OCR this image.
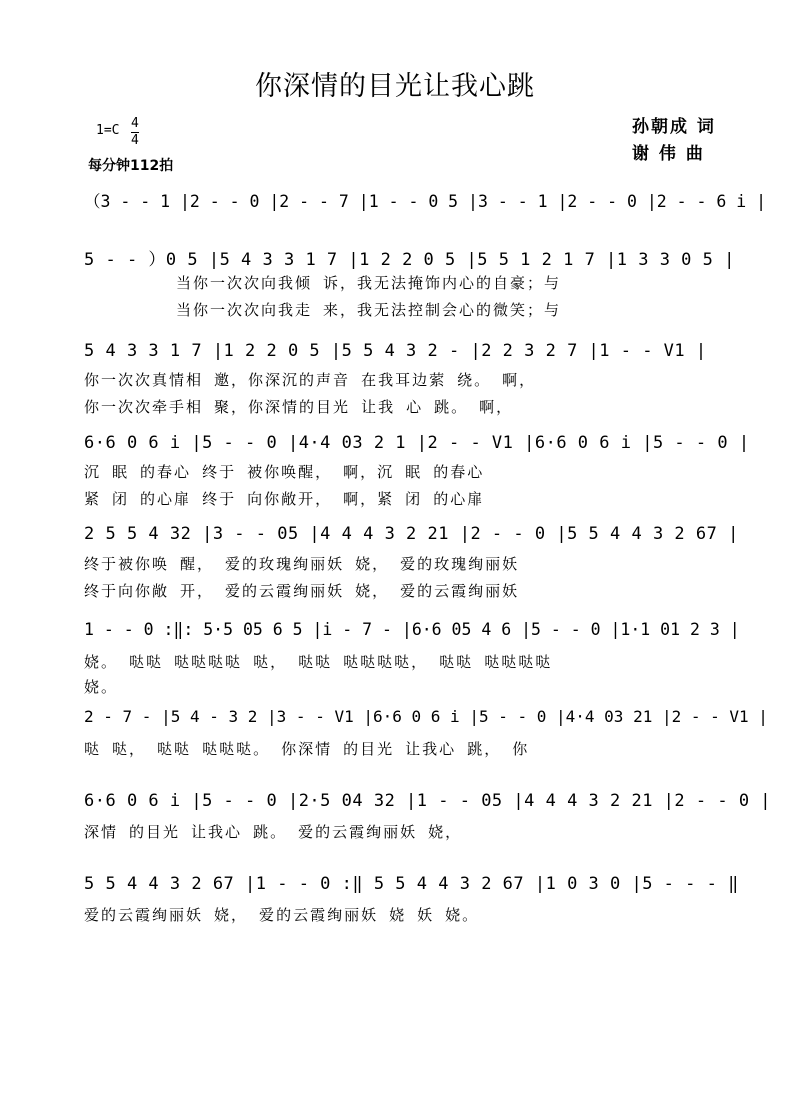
你深情的目光让我心跳
孙朝成 词
谢 伟 曲
1=C 4
4
每分钟112拍
（3 - - 1 |2 - - 0 |2 - - 7 |1 - - 0 5 |3 - - 1 |2 - - 0 |2 - - 6 i |
5 - - ）0 5 |5 4 3 3 1 7 |1 2 2 0 5 |5 5 1 2 1 7 |1 3 3 0 5 |
当你一次次向我倾 诉，我无法掩饰内心的自豪；与
当你一次次向我走 来，我无法控制会心的微笑；与
5 4 3 3 1 7 |1 2 2 0 5 |5 5 4 3 2 - |2 2 3 2 7 |1 - - V1 |
你一次次真情相 邀，你深沉的声音 在我耳边萦 绕。 啊，
你一次次牵手相 聚，你深情的目光 让我 心 跳。 啊，
6·6 0 6 i |5 - - 0 |4·4 03 2 1 |2 - - V1 |6·6 0 6 i |5 - - 0 |
沉 眠 的春心 终于 被你唤醒， 啊，沉 眠 的春心
紧 闭 的心扉 终于 向你敞开， 啊，紧 闭 的心扉
2 5 5 4 32 |3 - - 05 |4 4 4 3 2 21 |2 - - 0 |5 5 4 4 3 2 67 |
终于被你唤 醒， 爱的玫瑰绚丽妖 娆， 爱的玫瑰绚丽妖
终于向你敞 开， 爱的云霞绚丽妖 娆， 爱的云霞绚丽妖
1 - - 0 :‖: 5·5 05 6 5 |i - 7 - |6·6 05 4 6 |5 - - 0 |1·1 01 2 3 |
娆。 哒哒 哒哒哒哒 哒， 哒哒 哒哒哒哒， 哒哒 哒哒哒哒
娆。
2 - 7 - |5 4 - 3 2 |3 - - V1 |6·6 0 6 i |5 - - 0 |4·4 03 21 |2 - - V1 |
哒 哒， 哒哒 哒哒哒。 你深情 的目光 让我心 跳， 你
6·6 0 6 i |5 - - 0 |2·5 04 32 |1 - - 05 |4 4 4 3 2 21 |2 - - 0 |
深情 的目光 让我心 跳。 爱的云霞绚丽妖 娆，
5 5 4 4 3 2 67 |1 - - 0 :‖ 5 5 4 4 3 2 67 |1 0 3 0 |5 - - - ‖
爱的云霞绚丽妖 娆， 爱的云霞绚丽妖 娆 妖 娆。
